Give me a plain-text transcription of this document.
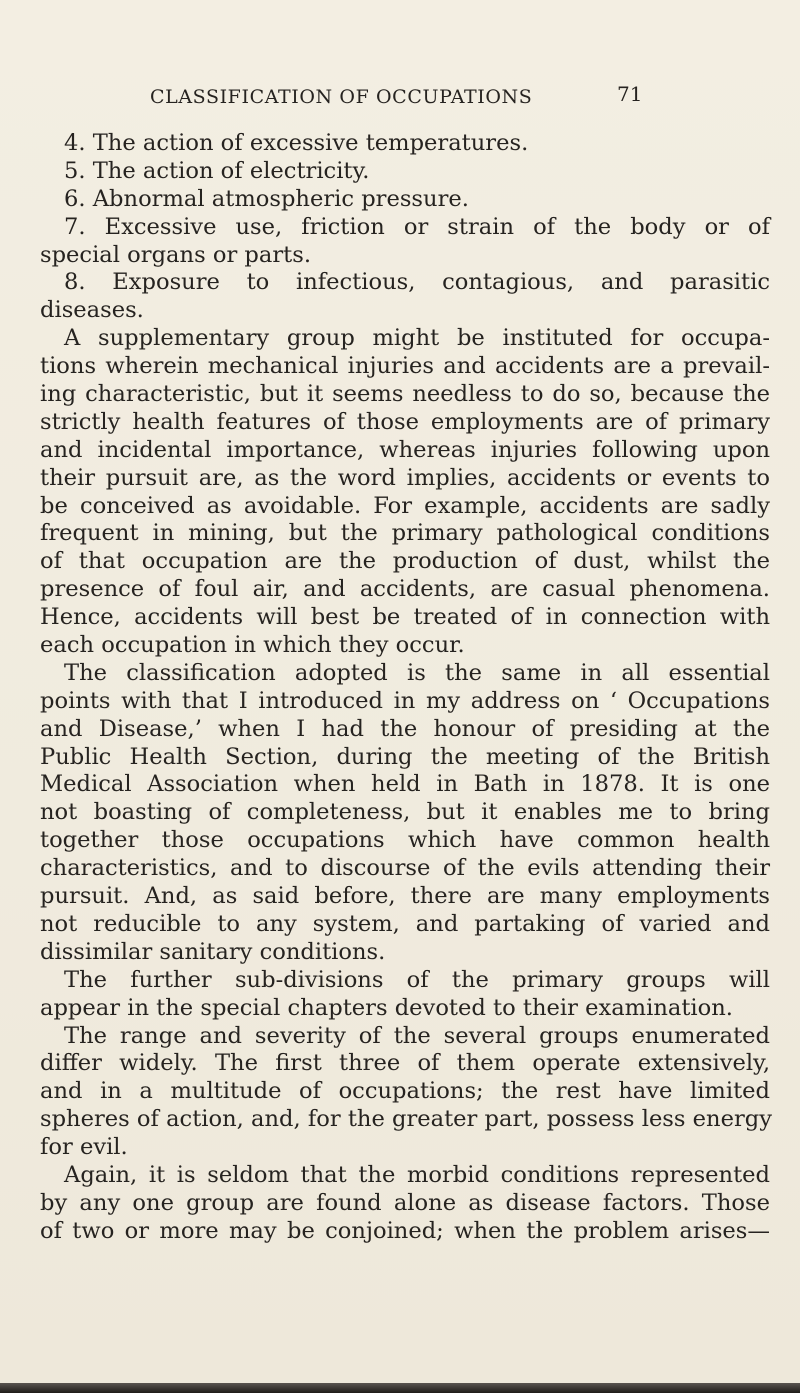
CLASSIFICATION OF OCCUPATIONS	71
4. The action of excessive temperatures.
5. The action of electricity.
6. Abnormal atmospheric pressure.
7. Excessive use, friction or strain of the body or of
special organs or parts.
8. Exposure to infectious, contagious, and parasitic
diseases.
A supplementary group might be instituted for occupa-
tions wherein mechanical injuries and accidents are a prevail-
ing characteristic, but it seems needless to do so, because the
strictly health features of those employments are of primary
and incidental importance, whereas injuries following upon
their pursuit are, as the word implies, accidents or events to
be conceived as avoidable. For example, accidents are sadly
frequent in mining, but the primary pathological conditions
of that occupation are the production of dust, whilst the
presence of foul air, and accidents, are casual phenomena.
Hence, accidents will best be treated of in connection with
each occupation in which they occur.
The classification adopted is the same in all essential
points with that I introduced in my address on ‘ Occupations
and Disease,’ when I had the honour of presiding at the
Public Health Section, during the meeting of the British
Medical Association when held in Bath in 1878. It is one
not boasting of completeness, but it enables me to bring
together those occupations which have common health
characteristics, and to discourse of the evils attending their
pursuit. And, as said before, there are many employments
not reducible to any system, and partaking of varied and
dissimilar sanitary conditions.
The further sub-divisions of the primary groups will
appear in the special chapters devoted to their examination.
The range and severity of the several groups enumerated
differ widely. The first three of them operate extensively,
and in a multitude of occupations; the rest have limited
spheres of action, and, for the greater part, possess less energy
for evil.
Again, it is seldom that the morbid conditions represented
by any one group are found alone as disease factors. Those
of two or more may be conjoined; when the problem arises—
